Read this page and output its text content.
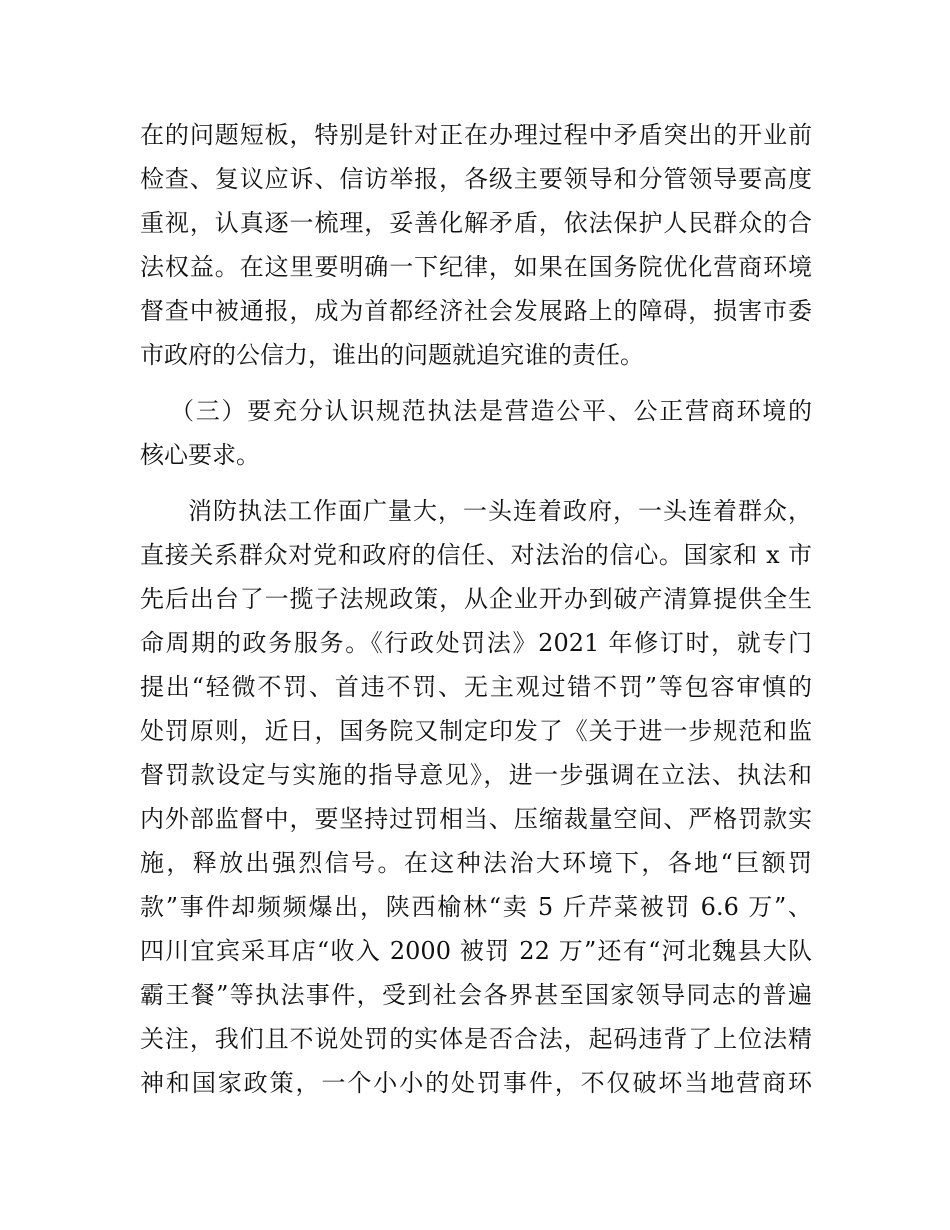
在的问题短板，特别是针对正在办理过程中矛盾突出的开业前
检查、复议应诉、信访举报，各级主要领导和分管领导要高度
重视，认真逐一梳理，妥善化解矛盾，依法保护人民群众的合
法权益。在这里要明确一下纪律，如果在国务院优化营商环境
督查中被通报，成为首都经济社会发展路上的障碍，损害市委
市政府的公信力，谁出的问题就追究谁的责任。
（三）要充分认识规范执法是营造公平、公正营商环境的
核心要求。
消防执法工作面广量大，一头连着政府，一头连着群众，
直接关系群众对党和政府的信任、对法治的信心。国家和 x 市
先后出台了一揽子法规政策，从企业开办到破产清算提供全生
命周期的政务服务。《行政处罚法》2021 年修订时，就专门
提出“轻微不罚、首违不罚、无主观过错不罚”等包容审慎的
处罚原则，近日，国务院又制定印发了《关于进一步规范和监
督罚款设定与实施的指导意见》，进一步强调在立法、执法和
内外部监督中，要坚持过罚相当、压缩裁量空间、严格罚款实
施，释放出强烈信号。在这种法治大环境下，各地“巨额罚
款”事件却频频爆出，陕西榆林“卖 5 斤芹菜被罚 6.6 万”、
四川宜宾采耳店“收入 2000 被罚 22 万”还有“河北魏县大队
霸王餐”等执法事件，受到社会各界甚至国家领导同志的普遍
关注，我们且不说处罚的实体是否合法，起码违背了上位法精
神和国家政策，一个小小的处罚事件，不仅破坏当地营商环
